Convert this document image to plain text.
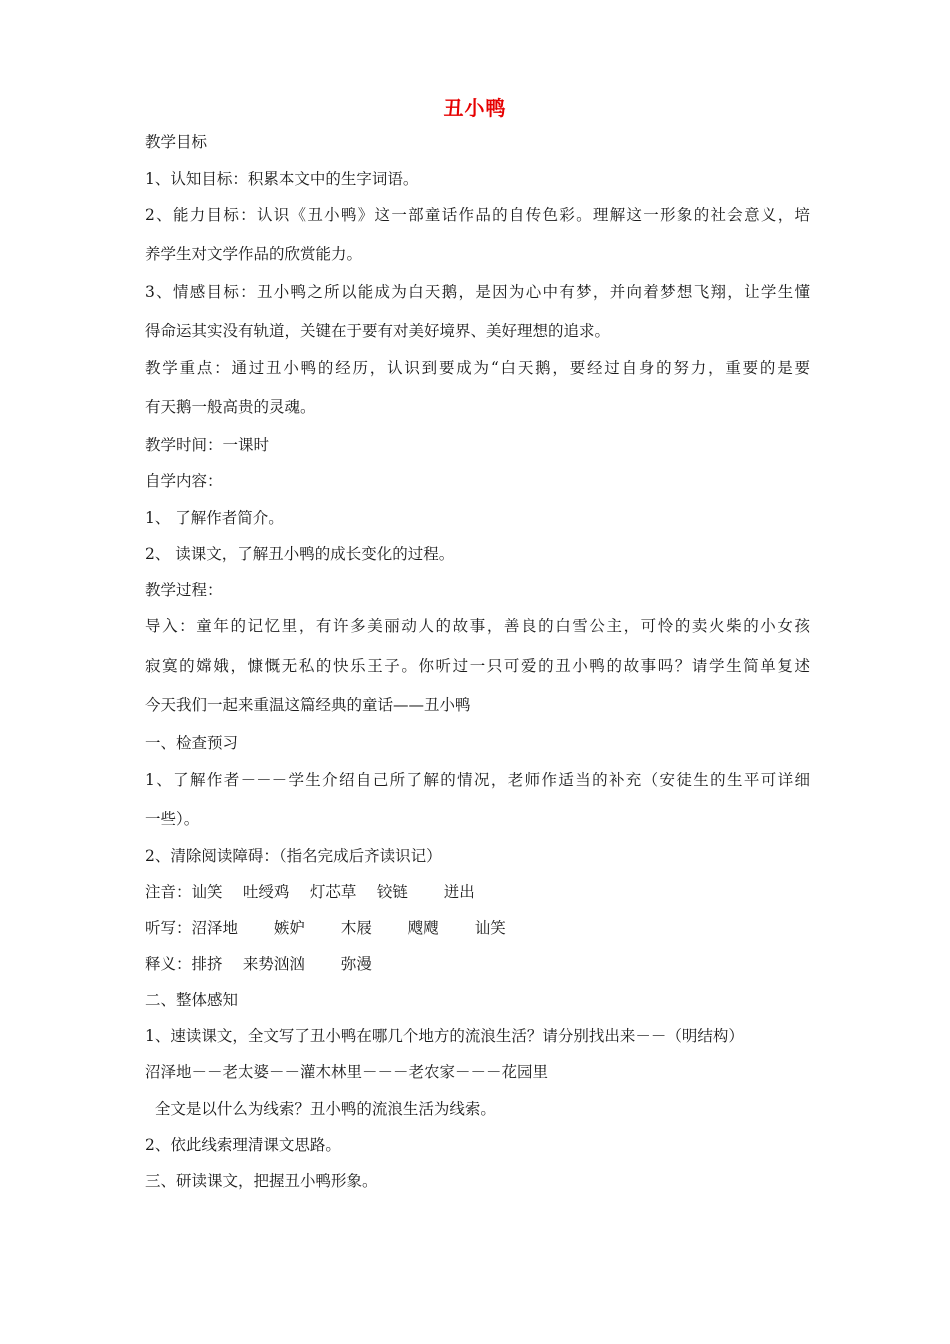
丑小鸭
教学目标
1、认知目标：积累本文中的生字词语。
2、能力目标：认识《丑小鸭》这一部童话作品的自传色彩。理解这一形象的社会意义，培
养学生对文学作品的欣赏能力。
3、情感目标：丑小鸭之所以能成为白天鹅，是因为心中有梦，并向着梦想飞翔，让学生懂
得命运其实没有轨道，关键在于要有对美好境界、美好理想的追求。
教学重点：通过丑小鸭的经历，认识到要成为“白天鹅，要经过自身的努力，重要的是要
有天鹅一般高贵的灵魂。
教学时间：一课时
自学内容：
1、 了解作者简介。
2、 读课文，了解丑小鸭的成长变化的过程。
教学过程：
导入：童年的记忆里，有许多美丽动人的故事，善良的白雪公主，可怜的卖火柴的小女孩
寂寞的嫦娥，慷慨无私的快乐王子。你听过一只可爱的丑小鸭的故事吗？请学生简单复述
今天我们一起来重温这篇经典的童话——丑小鸭
一、检查预习
1、了解作者－－－学生介绍自己所了解的情况，老师作适当的补充（安徒生的生平可详细
一些）。
2、清除阅读障碍：（指名完成后齐读识记）
注音：讪笑　 吐绶鸡　 灯芯草　 铰链　　 迸出
听写：沼泽地　　 嫉妒　　 木屐　　 飕飕　　 讪笑
释义：排挤　 来势汹汹　　 弥漫
二、整体感知
1、速读课文，全文写了丑小鸭在哪几个地方的流浪生活？请分别找出来－－（明结构）
沼泽地－－老太婆－－灌木林里－－－老农家－－－花园里
全文是以什么为线索？丑小鸭的流浪生活为线索。
2、依此线索理清课文思路。
三、研读课文，把握丑小鸭形象。
